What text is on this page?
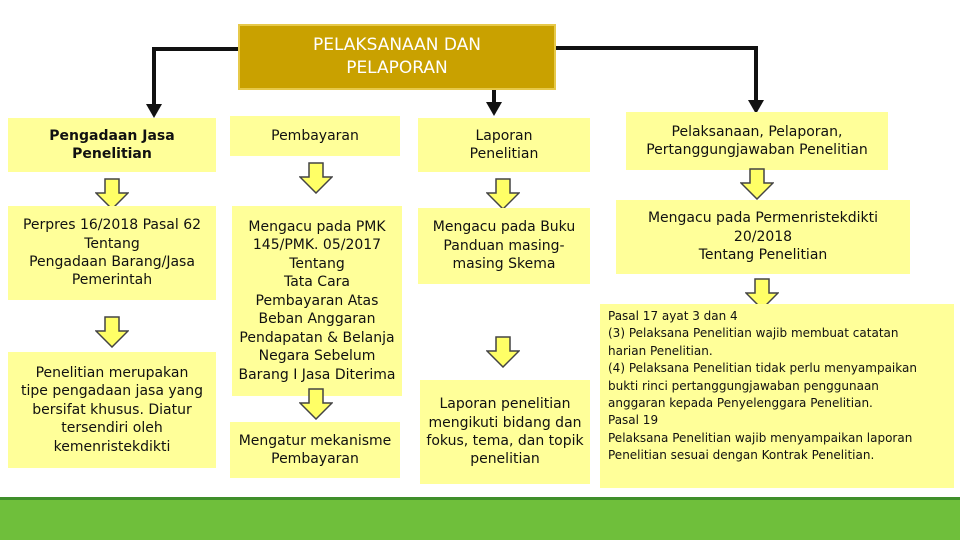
PELAKSANAAN DAN
PELAPORAN
Pengadaan Jasa
Penelitian
Perpres 16/2018 Pasal 62
Tentang
Pengadaan Barang/Jasa
Pemerintah
Penelitian merupakan
tipe pengadaan jasa yang
bersifat khusus. Diatur
tersendiri oleh
kemenristekdikti
Pembayaran
Mengacu pada PMK
145/PMK. 05/2017
Tentang
Tata Cara
Pembayaran Atas
Beban Anggaran
Pendapatan & Belanja
Negara Sebelum
Barang I Jasa Diterima
Mengatur mekanisme
Pembayaran
Laporan
Penelitian
Mengacu pada Buku
Panduan masing-
masing Skema
Laporan penelitian
mengikuti bidang dan
fokus, tema, dan topik
penelitian
Pelaksanaan, Pelaporan,
Pertanggungjawaban Penelitian
Mengacu pada Permenristekdikti
20/2018
Tentang Penelitian
Pasal 17 ayat 3 dan 4
(3) Pelaksana Penelitian wajib membuat catatan
harian Penelitian.
(4) Pelaksana Penelitian tidak perlu menyampaikan
bukti rinci pertanggungjawaban penggunaan
anggaran kepada Penyelenggara Penelitian.
Pasal 19
Pelaksana Penelitian wajib menyampaikan laporan
Penelitian sesuai dengan Kontrak Penelitian.
